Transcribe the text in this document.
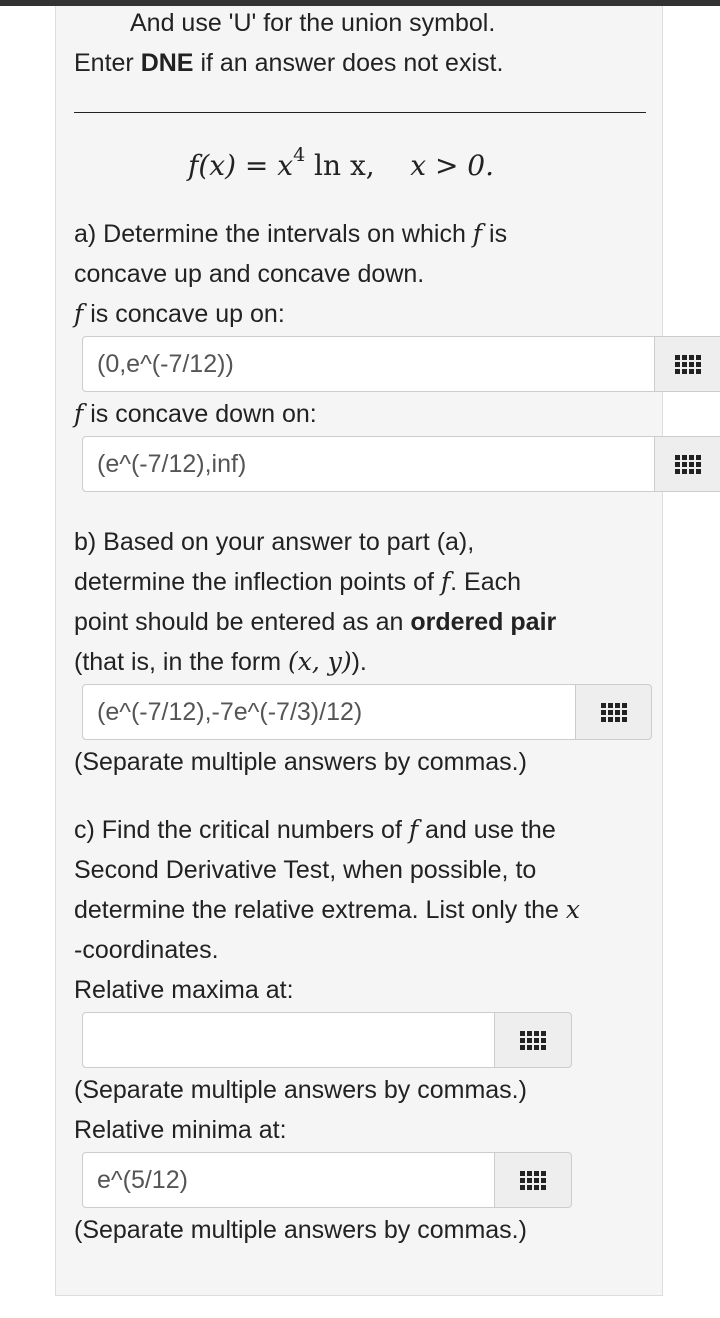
And use 'U' for the union symbol.
Enter DNE if an answer does not exist.
$f(x) = x^4$ ln x, x > 0.
a) Determine the intervals on which f is
concave up and concave down.
f is concave up on:
(0,e^(-7/12))
f is concave down on:
(e^(-7/12),inf)
b) Based on your answer to part (a),
determine the inflection points of f. Each
point should be entered as an ordered pair
(that is, in the form (x, y)).
(e^(-7/12),-7e^(-7/3)/12)
(Separate multiple answers by commas.)
c) Find the critical numbers of f and use the
Second Derivative Test, when possible, to
determine the relative extrema. List only the x
-coordinates.
Relative maxima at:
(Separate multiple answers by commas.)
Relative minima at:
e^(5/12)
(Separate multiple answers by commas.)
